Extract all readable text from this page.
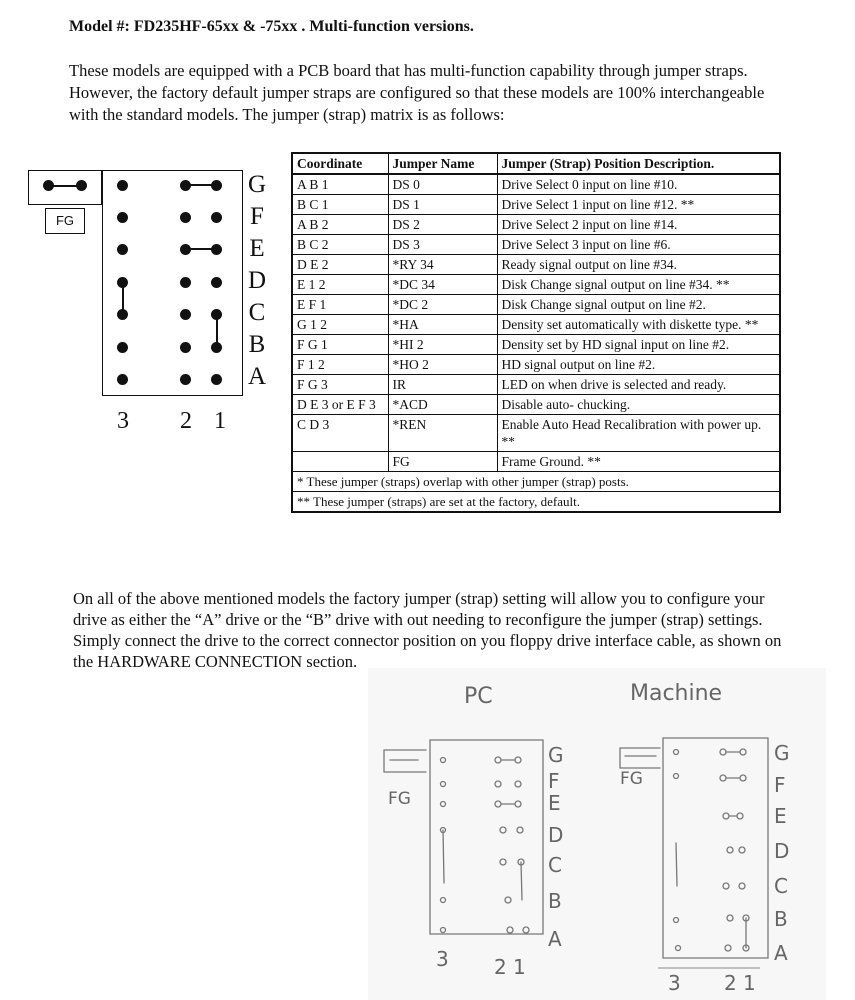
Model #: FD235HF-65xx & -75xx . Multi-function versions.
These models are equipped with a PCB board that has multi-function capability through jumper straps. However, the factory default jumper straps are configured so that these models are 100% interchangeable with the standard models. The jumper (strap) matrix is as follows:
FG
G
F
E
D
C
B
A
3 2 1
Coordinate	Jumper Name	Jumper (Strap) Position Description.
A B 1	DS 0	Drive Select 0 input on line #10.
B C 1	DS 1	Drive Select 1 input on line #12. **
A B 2	DS 2	Drive Select 2 input on line #14.
B C 2	DS 3	Drive Select 3 input on line #6.
D E 2	*RY 34	Ready signal output on line #34.
E 1 2	*DC 34	Disk Change signal output on line #34. **
E F 1	*DC 2	Disk Change signal output on line #2.
G 1 2	*HA	Density set automatically with diskette type. **
F G 1	*HI 2	Density set by HD signal input on line #2.
F 1 2	*HO 2	HD signal output on line #2.
F G 3	IR	LED on when drive is selected and ready.
D E 3 or E F 3	*ACD	Disable auto- chucking.
C D 3	*REN	Enable Auto Head Recalibration with power up. **
	FG	Frame Ground. **
* These jumper (straps) overlap with other jumper (strap) posts.		
** These jumper (straps) are set at the factory, default.		
On all of the above mentioned models the factory jumper (strap) setting will allow you to configure your drive as either the “A” drive or the “B” drive with out needing to reconfigure the jumper (strap) settings. Simply connect the drive to the correct connector position on you floppy drive interface cable, as shown on the HARDWARE CONNECTION section.
PC	Machine
FG
FG
G
F
E
D
C
B
A
G
F
E
D
C
B
A
3 2 1
3 2 1
